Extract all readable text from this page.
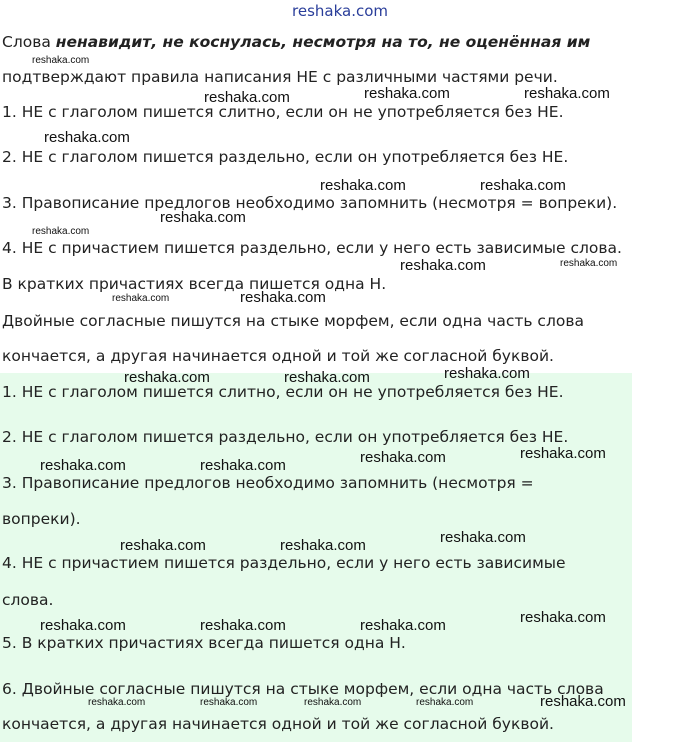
reshaka.com
Слова ненавидит, не коснулась, несмотря на то, не оценённая им
подтверждают правила написания НЕ с различными частями речи.
1. НЕ с глаголом пишется слитно, если он не употребляется без НЕ.
2. НЕ с глаголом пишется раздельно, если он употребляется без НЕ.
3. Правописание предлогов необходимо запомнить (несмотря = вопреки).
4. НЕ с причастием пишется раздельно, если у него есть зависимые слова.
В кратких причастиях всегда пишется одна Н.
Двойные согласные пишутся на стыке морфем, если одна часть слова
кончается, а другая начинается одной и той же согласной буквой.
1. НЕ с глаголом пишется слитно, если он не употребляется без НЕ.
2. НЕ с глаголом пишется раздельно, если он употребляется без НЕ.
3. Правописание предлогов необходимо запомнить (несмотря =
вопреки).
4. НЕ с причастием пишется раздельно, если у него есть зависимые
слова.
5. В кратких причастиях всегда пишется одна Н.
6. Двойные согласные пишутся на стыке морфем, если одна часть слова
кончается, а другая начинается одной и той же согласной буквой.
reshaka.com
reshaka.com	reshaka.com	reshaka.com
reshaka.com
reshaka.com	reshaka.com
reshaka.com
reshaka.com
reshaka.com	reshaka.com
reshaka.com	reshaka.com
reshaka.com	reshaka.com	reshaka.com
reshaka.com	reshaka.com	reshaka.com	reshaka.com
reshaka.com	reshaka.com	reshaka.com
reshaka.com	reshaka.com	reshaka.com	reshaka.com
reshaka.com	reshaka.com	reshaka.com	reshaka.com	reshaka.com
